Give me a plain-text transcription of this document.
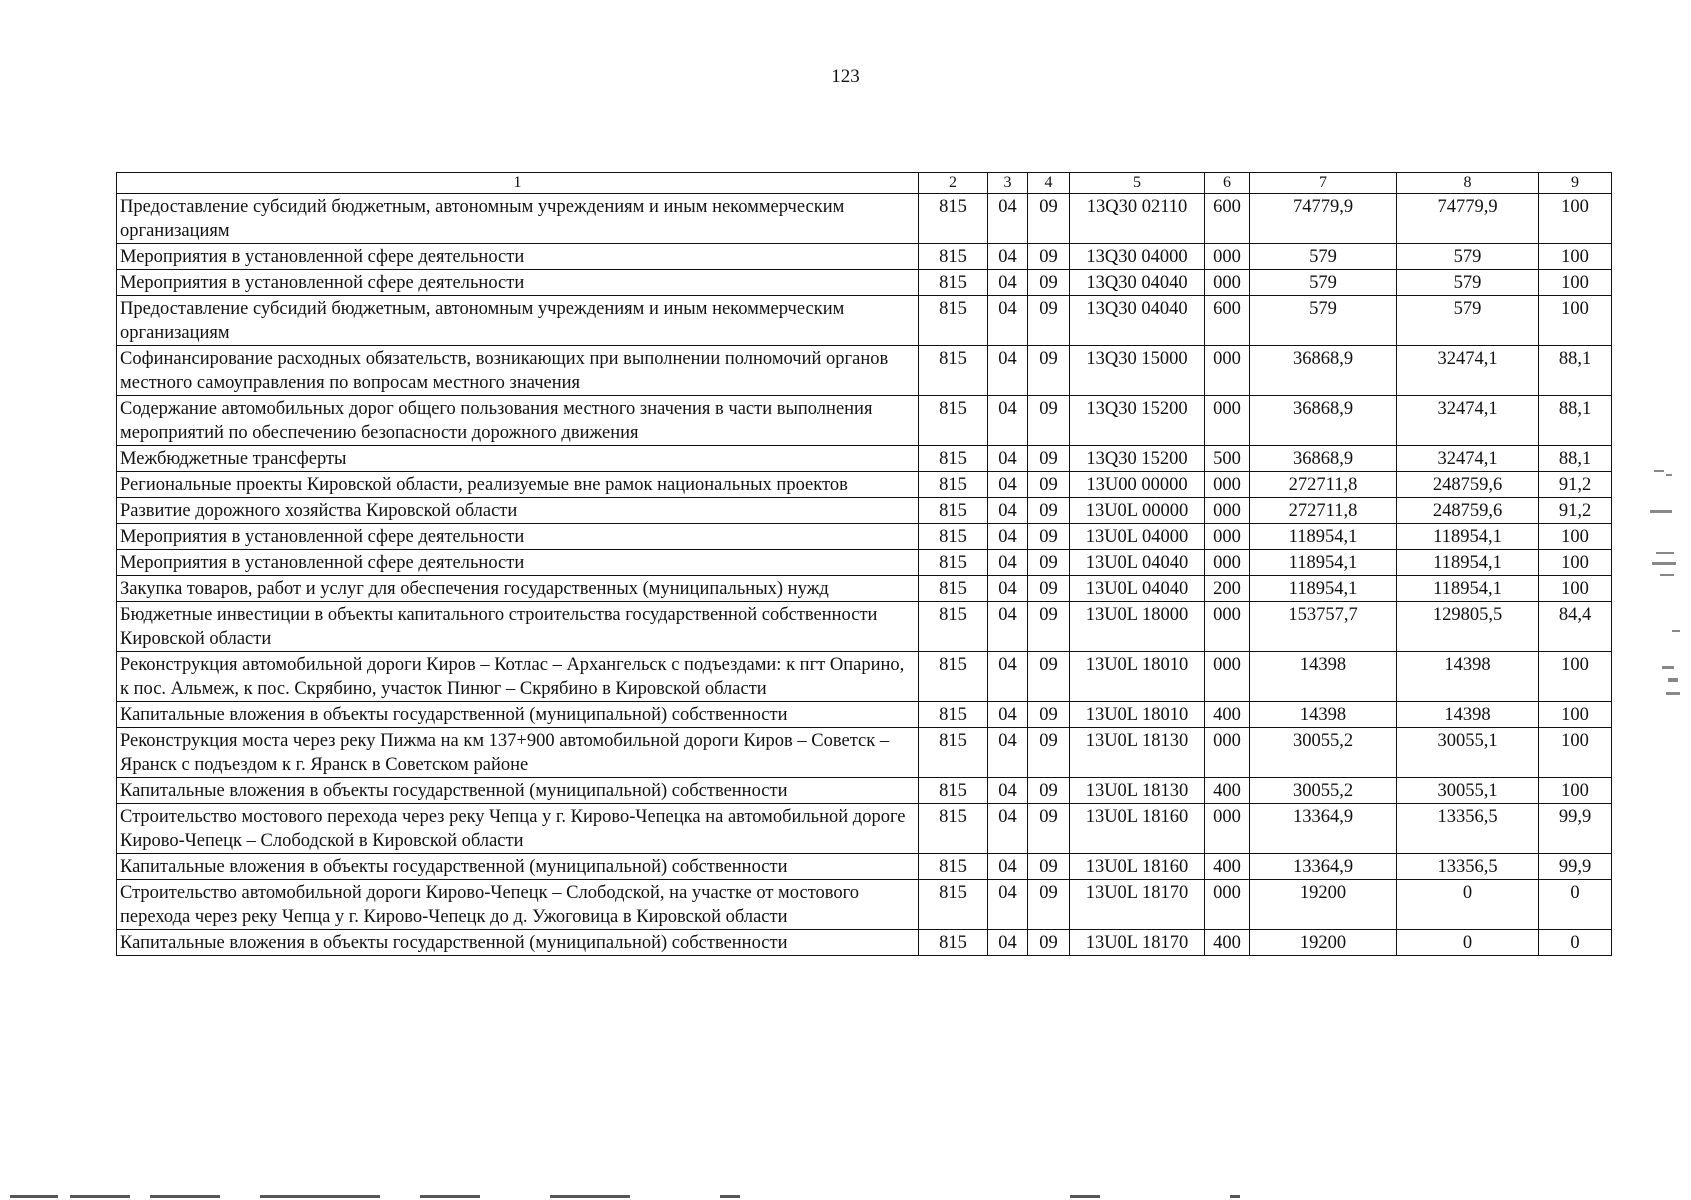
123
1	2	3	4	5	6	7	8	9
Предоставление субсидий бюджетным, автономным учреждениям и иным некоммерческим организациям	815	04	09	13Q30 02110	600	74779,9	74779,9	100
Мероприятия в установленной сфере деятельности	815	04	09	13Q30 04000	000	579	579	100
Мероприятия в установленной сфере деятельности	815	04	09	13Q30 04040	000	579	579	100
Предоставление субсидий бюджетным, автономным учреждениям и иным некоммерческим организациям	815	04	09	13Q30 04040	600	579	579	100
Софинансирование расходных обязательств, возникающих при выполнении полномочий органов местного самоуправления по вопросам местного значения	815	04	09	13Q30 15000	000	36868,9	32474,1	88,1
Содержание автомобильных дорог общего пользования местного значения в части выполнения мероприятий по обеспечению безопасности дорожного движения	815	04	09	13Q30 15200	000	36868,9	32474,1	88,1
Межбюджетные трансферты	815	04	09	13Q30 15200	500	36868,9	32474,1	88,1
Региональные проекты Кировской области, реализуемые вне рамок национальных проектов	815	04	09	13U00 00000	000	272711,8	248759,6	91,2
Развитие дорожного хозяйства Кировской области	815	04	09	13U0L 00000	000	272711,8	248759,6	91,2
Мероприятия в установленной сфере деятельности	815	04	09	13U0L 04000	000	118954,1	118954,1	100
Мероприятия в установленной сфере деятельности	815	04	09	13U0L 04040	000	118954,1	118954,1	100
Закупка товаров, работ и услуг для обеспечения государственных (муниципальных) нужд	815	04	09	13U0L 04040	200	118954,1	118954,1	100
Бюджетные инвестиции в объекты капитального строительства государственной собственности Кировской области	815	04	09	13U0L 18000	000	153757,7	129805,5	84,4
Реконструкция автомобильной дороги Киров – Котлас – Архангельск с подъездами: к пгт Опарино, к пос. Альмеж, к пос. Скрябино, участок Пинюг – Скрябино в Кировской области	815	04	09	13U0L 18010	000	14398	14398	100
Капитальные вложения в объекты государственной (муниципальной) собственности	815	04	09	13U0L 18010	400	14398	14398	100
Реконструкция моста через реку Пижма на км 137+900 автомобильной дороги Киров – Советск – Яранск с подъездом к г. Яранск в Советском районе	815	04	09	13U0L 18130	000	30055,2	30055,1	100
Капитальные вложения в объекты государственной (муниципальной) собственности	815	04	09	13U0L 18130	400	30055,2	30055,1	100
Строительство мостового перехода через реку Чепца у г. Кирово-Чепецка на автомобильной дороге Кирово-Чепецк – Слободской в Кировской области	815	04	09	13U0L 18160	000	13364,9	13356,5	99,9
Капитальные вложения в объекты государственной (муниципальной) собственности	815	04	09	13U0L 18160	400	13364,9	13356,5	99,9
Строительство автомобильной дороги Кирово-Чепецк – Слободской, на участке от мостового перехода через реку Чепца у г. Кирово-Чепецк до д. Ужоговица в Кировской области	815	04	09	13U0L 18170	000	19200	0	0
Капитальные вложения в объекты государственной (муниципальной) собственности	815	04	09	13U0L 18170	400	19200	0	0
